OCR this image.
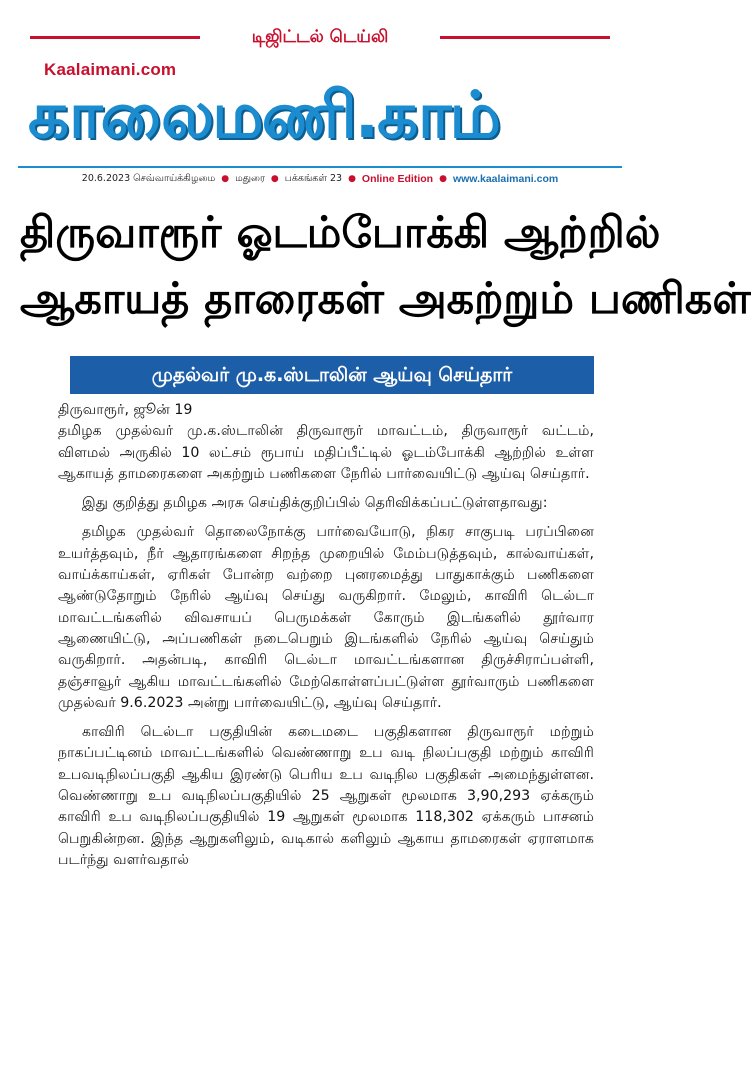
டிஜிட்டல் டெய்லி
Kaalaimani.com
காலைமணி.காம்
20.6.2023 செவ்வாய்க்கிழமை ● மதுரை ● பக்கங்கள் 23 ● Online Edition ● www.kaalaimani.com
திருவாரூர் ஓடம்போக்கி ஆற்றில்
ஆகாயத் தாரைகள் அகற்றும் பணிகள்
முதல்வர் மு.க.ஸ்டாலின் ஆய்வு செய்தார்
திருவாரூர், ஜூன் 19

தமிழக முதல்வர் மு.க.ஸ்டாலின் திருவாரூர் மாவட்டம், திருவாரூர் வட்டம், விளமல் அருகில் 10 லட்சம் ரூபாய் மதிப்பீட்டில் ஓடம்போக்கி ஆற்றில் உள்ள ஆகாயத் தாமரைகளை அகற்றும் பணிகளை நேரில் பார்வையிட்டு ஆய்வு செய்தார்.

இது குறித்து தமிழக அரசு செய்திக்குறிப்பில் தெரிவிக்கப்பட்டுள்ளதாவது:

தமிழக முதல்வர் தொலைநோக்கு பார்வையோடு, நிகர சாகுபடி பரப்பினை உயர்த்தவும், நீர் ஆதாரங்களை சிறந்த முறையில் மேம்படுத்தவும், கால்வாய்கள், வாய்க்காய்கள், ஏரிகள் போன்ற வற்றை புனரமைத்து பாதுகாக்கும் பணிகளை ஆண்டுதோறும் நேரில் ஆய்வு செய்து வருகிறார். மேலும், காவிரி டெல்டா மாவட்டங்களில் விவசாயப் பெருமக்கள் கோரும் இடங்களில் தூர்வார ஆணையிட்டு, அப்பணிகள் நடைபெறும் இடங்களில் நேரில் ஆய்வு செய்தும் வருகிறார். அதன்படி, காவிரி டெல்டா மாவட்டங்களான திருச்சிராப்பள்ளி, தஞ்சாவூர் ஆகிய மாவட்டங்களில் மேற்கொள்ளப்பட்டுள்ள தூர்வாரும் பணிகளை முதல்வர் 9.6.2023 அன்று பார்வையிட்டு, ஆய்வு செய்தார்.

காவிரி டெல்டா பகுதியின் கடைமடை பகுதிகளான திருவாரூர் மற்றும் நாகப்பட்டினம் மாவட்டங்களில் வெண்ணாறு உப வடி நிலப்பகுதி மற்றும் காவிரி உபவடிநிலப்பகுதி ஆகிய இரண்டு பெரிய உப வடிநில பகுதிகள் அமைந்துள்ளன. வெண்ணாறு உப வடிநிலப்பகுதியில் 25 ஆறுகள் மூலமாக 3,90,293 ஏக்கரும் காவிரி உப வடிநிலப்பகுதியில் 19 ஆறுகள் மூலமாக 118,302 ஏக்கரும் பாசனம் பெறுகின்றன. இந்த ஆறுகளிலும், வடிகால் களிலும் ஆகாய தாமரைகள் ஏராளமாக படர்ந்து வளர்வதால்
